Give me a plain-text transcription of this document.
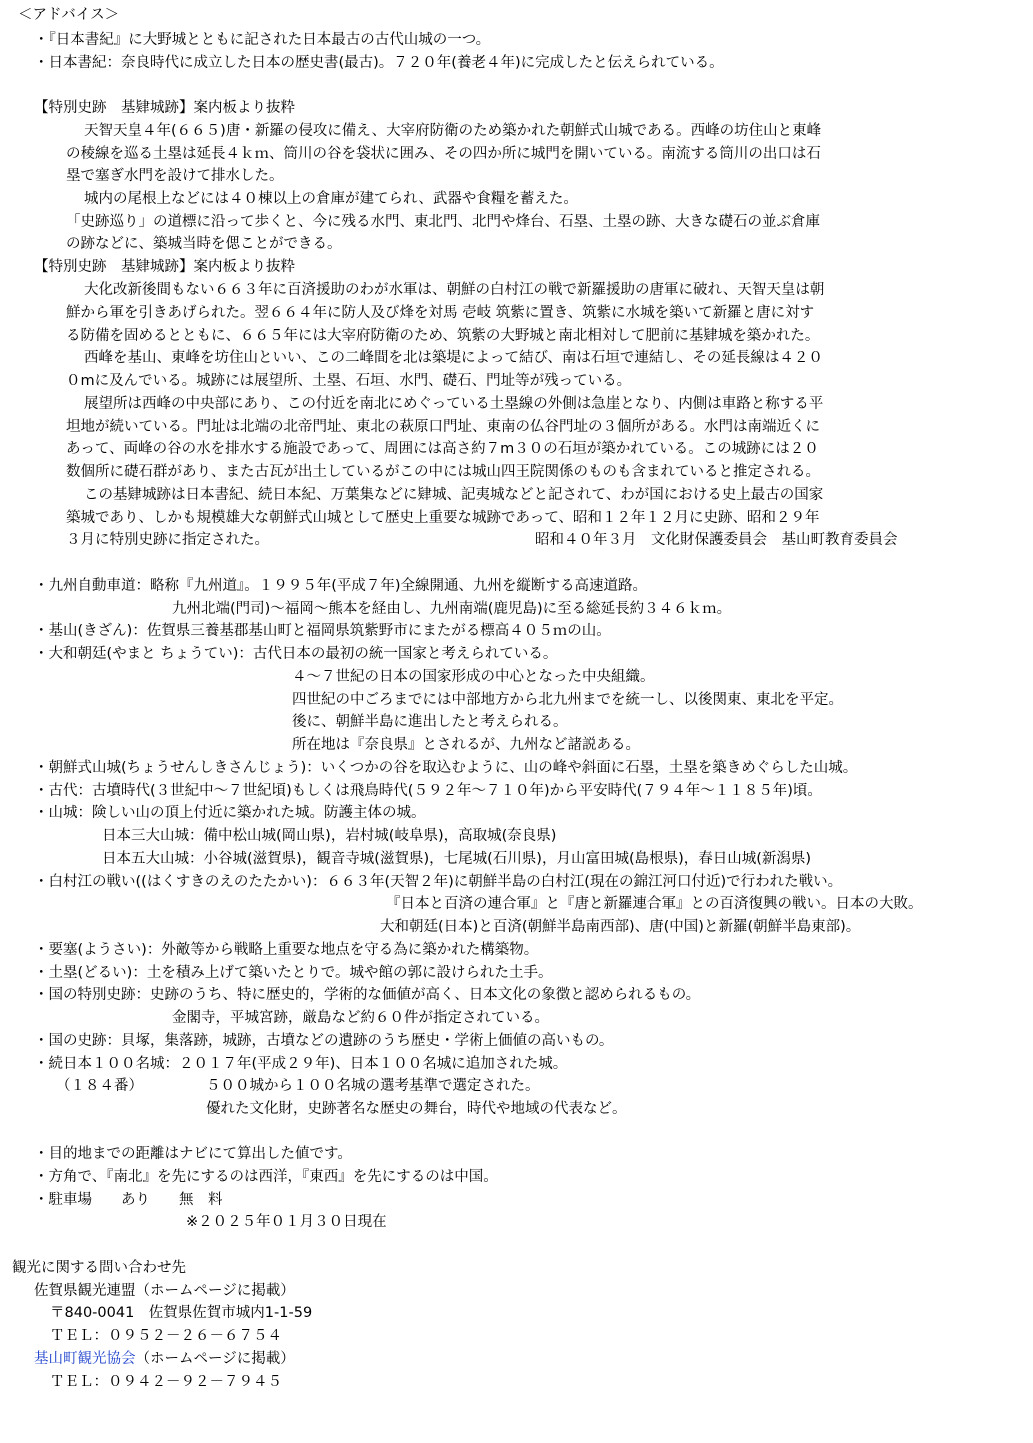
＜アドバイス＞
・『日本書紀』に大野城とともに記された日本最古の古代山城の一つ。
・日本書紀：奈良時代に成立した日本の歴史書(最古)。７２０年(養老４年)に完成したと伝えられている。
【特別史跡　基肄城跡】案内板より抜粋
天智天皇４年(６６５)唐・新羅の侵攻に備え、大宰府防衛のため築かれた朝鮮式山城である。西峰の坊住山と東峰
の稜線を巡る土塁は延長４ｋｍ、筒川の谷を袋状に囲み、その四か所に城門を開いている。南流する筒川の出口は石
塁で塞ぎ水門を設けて排水した。
城内の尾根上などには４０棟以上の倉庫が建てられ、武器や食糧を蓄えた。
「史跡巡り」の道標に沿って歩くと、今に残る水門、東北門、北門や烽台、石塁、土塁の跡、大きな礎石の並ぶ倉庫
の跡などに、築城当時を偲ことができる。
【特別史跡　基肄城跡】案内板より抜粋
大化改新後間もない６６３年に百済援助のわが水軍は、朝鮮の白村江の戦で新羅援助の唐軍に破れ、天智天皇は朝
鮮から軍を引きあげられた。翌６６４年に防人及び烽を対馬 壱岐 筑紫に置き、筑紫に水城を築いて新羅と唐に対す
る防備を固めるとともに、６６５年には大宰府防衛のため、筑紫の大野城と南北相対して肥前に基肄城を築かれた。
西峰を基山、東峰を坊住山といい、この二峰間を北は築堤によって結び、南は石垣で連結し、その延長線は４２０
０mに及んでいる。城跡には展望所、土塁、石垣、水門、礎石、門址等が残っている。
展望所は西峰の中央部にあり、この付近を南北にめぐっている土塁線の外側は急崖となり、内側は車路と称する平
坦地が続いている。門址は北端の北帝門址、東北の萩原口門址、東南の仏谷門址の３個所がある。水門は南端近くに
あって、両峰の谷の水を排水する施設であって、周囲には高さ約７m３０の石垣が築かれている。この城跡には２０
数個所に礎石群があり、また古瓦が出土しているがこの中には城山四王院関係のものも含まれていると推定される。
この基肄城跡は日本書紀、続日本紀、万葉集などに肄城、記夷城などと記されて、わが国における史上最古の国家
築城であり、しかも規模雄大な朝鮮式山城として歴史上重要な城跡であって、昭和１２年１２月に史跡、昭和２９年
３月に特別史跡に指定された。	昭和４０年３月　文化財保護委員会　基山町教育委員会
・九州自動車道：略称『九州道』。１９９５年(平成７年)全線開通、九州を縦断する高速道路。
九州北端(門司)～福岡～熊本を経由し、九州南端(鹿児島)に至る総延長約３４６ｋｍ。
・基山(きざん)：佐賀県三養基郡基山町と福岡県筑紫野市にまたがる標高４０５ｍの山。
・大和朝廷(やまと ちょうてい)：古代日本の最初の統一国家と考えられている。
４～７世紀の日本の国家形成の中心となった中央組織。
四世紀の中ごろまでには中部地方から北九州までを統一し、以後関東、東北を平定。
後に、朝鮮半島に進出したと考えられる。
所在地は『奈良県』とされるが、九州など諸説ある。
・朝鮮式山城(ちょうせんしきさんじょう)：いくつかの谷を取込むように、山の峰や斜面に石塁，土塁を築きめぐらした山城。
・古代：古墳時代(３世紀中～７世紀頃)もしくは飛鳥時代(５９２年～７１０年)から平安時代(７９４年～１１８５年)頃。
・山城：険しい山の頂上付近に築かれた城。防護主体の城。
日本三大山城：備中松山城(岡山県)，岩村城(岐阜県)，高取城(奈良県)
日本五大山城：小谷城(滋賀県)，観音寺城(滋賀県)，七尾城(石川県)，月山富田城(島根県)，春日山城(新潟県)
・白村江の戦い((はくすきのえのたたかい)：６６３年(天智２年)に朝鮮半島の白村江(現在の錦江河口付近)で行われた戦い。
『日本と百済の連合軍』と『唐と新羅連合軍』との百済復興の戦い。日本の大敗。
大和朝廷(日本)と百済(朝鮮半島南西部)、唐(中国)と新羅(朝鮮半島東部)。
・要塞(ようさい)：外敵等から戦略上重要な地点を守る為に築かれた構築物。
・土塁(どるい)：土を積み上げて築いたとりで。城や館の郭に設けられた土手。
・国の特別史跡：史跡のうち、特に歴史的，学術的な価値が高く、日本文化の象徴と認められるもの。
金閣寺，平城宮跡，厳島など約６０件が指定されている。
・国の史跡：貝塚，集落跡，城跡，古墳などの遺跡のうち歴史・学術上価値の高いもの。
・続日本１００名城：２０１７年(平成２９年)、日本１００名城に追加された城。
（１８４番）	５００城から１００名城の選考基準で選定された。
優れた文化財，史跡著名な歴史の舞台，時代や地域の代表など。
・目的地までの距離はナビにて算出した値です。
・方角で、『南北』を先にするのは西洋，『東西』を先にするのは中国。
・駐車場　　あり　　無　料
※２０２５年０１月３０日現在
観光に関する問い合わせ先
佐賀県観光連盟（ホームページに掲載）
〒840-0041　佐賀県佐賀市城内1-1-59
ＴＥＬ：０９５２－２６－６７５４
基山町観光協会（ホームページに掲載）
ＴＥＬ：０９４２－９２－７９４５
